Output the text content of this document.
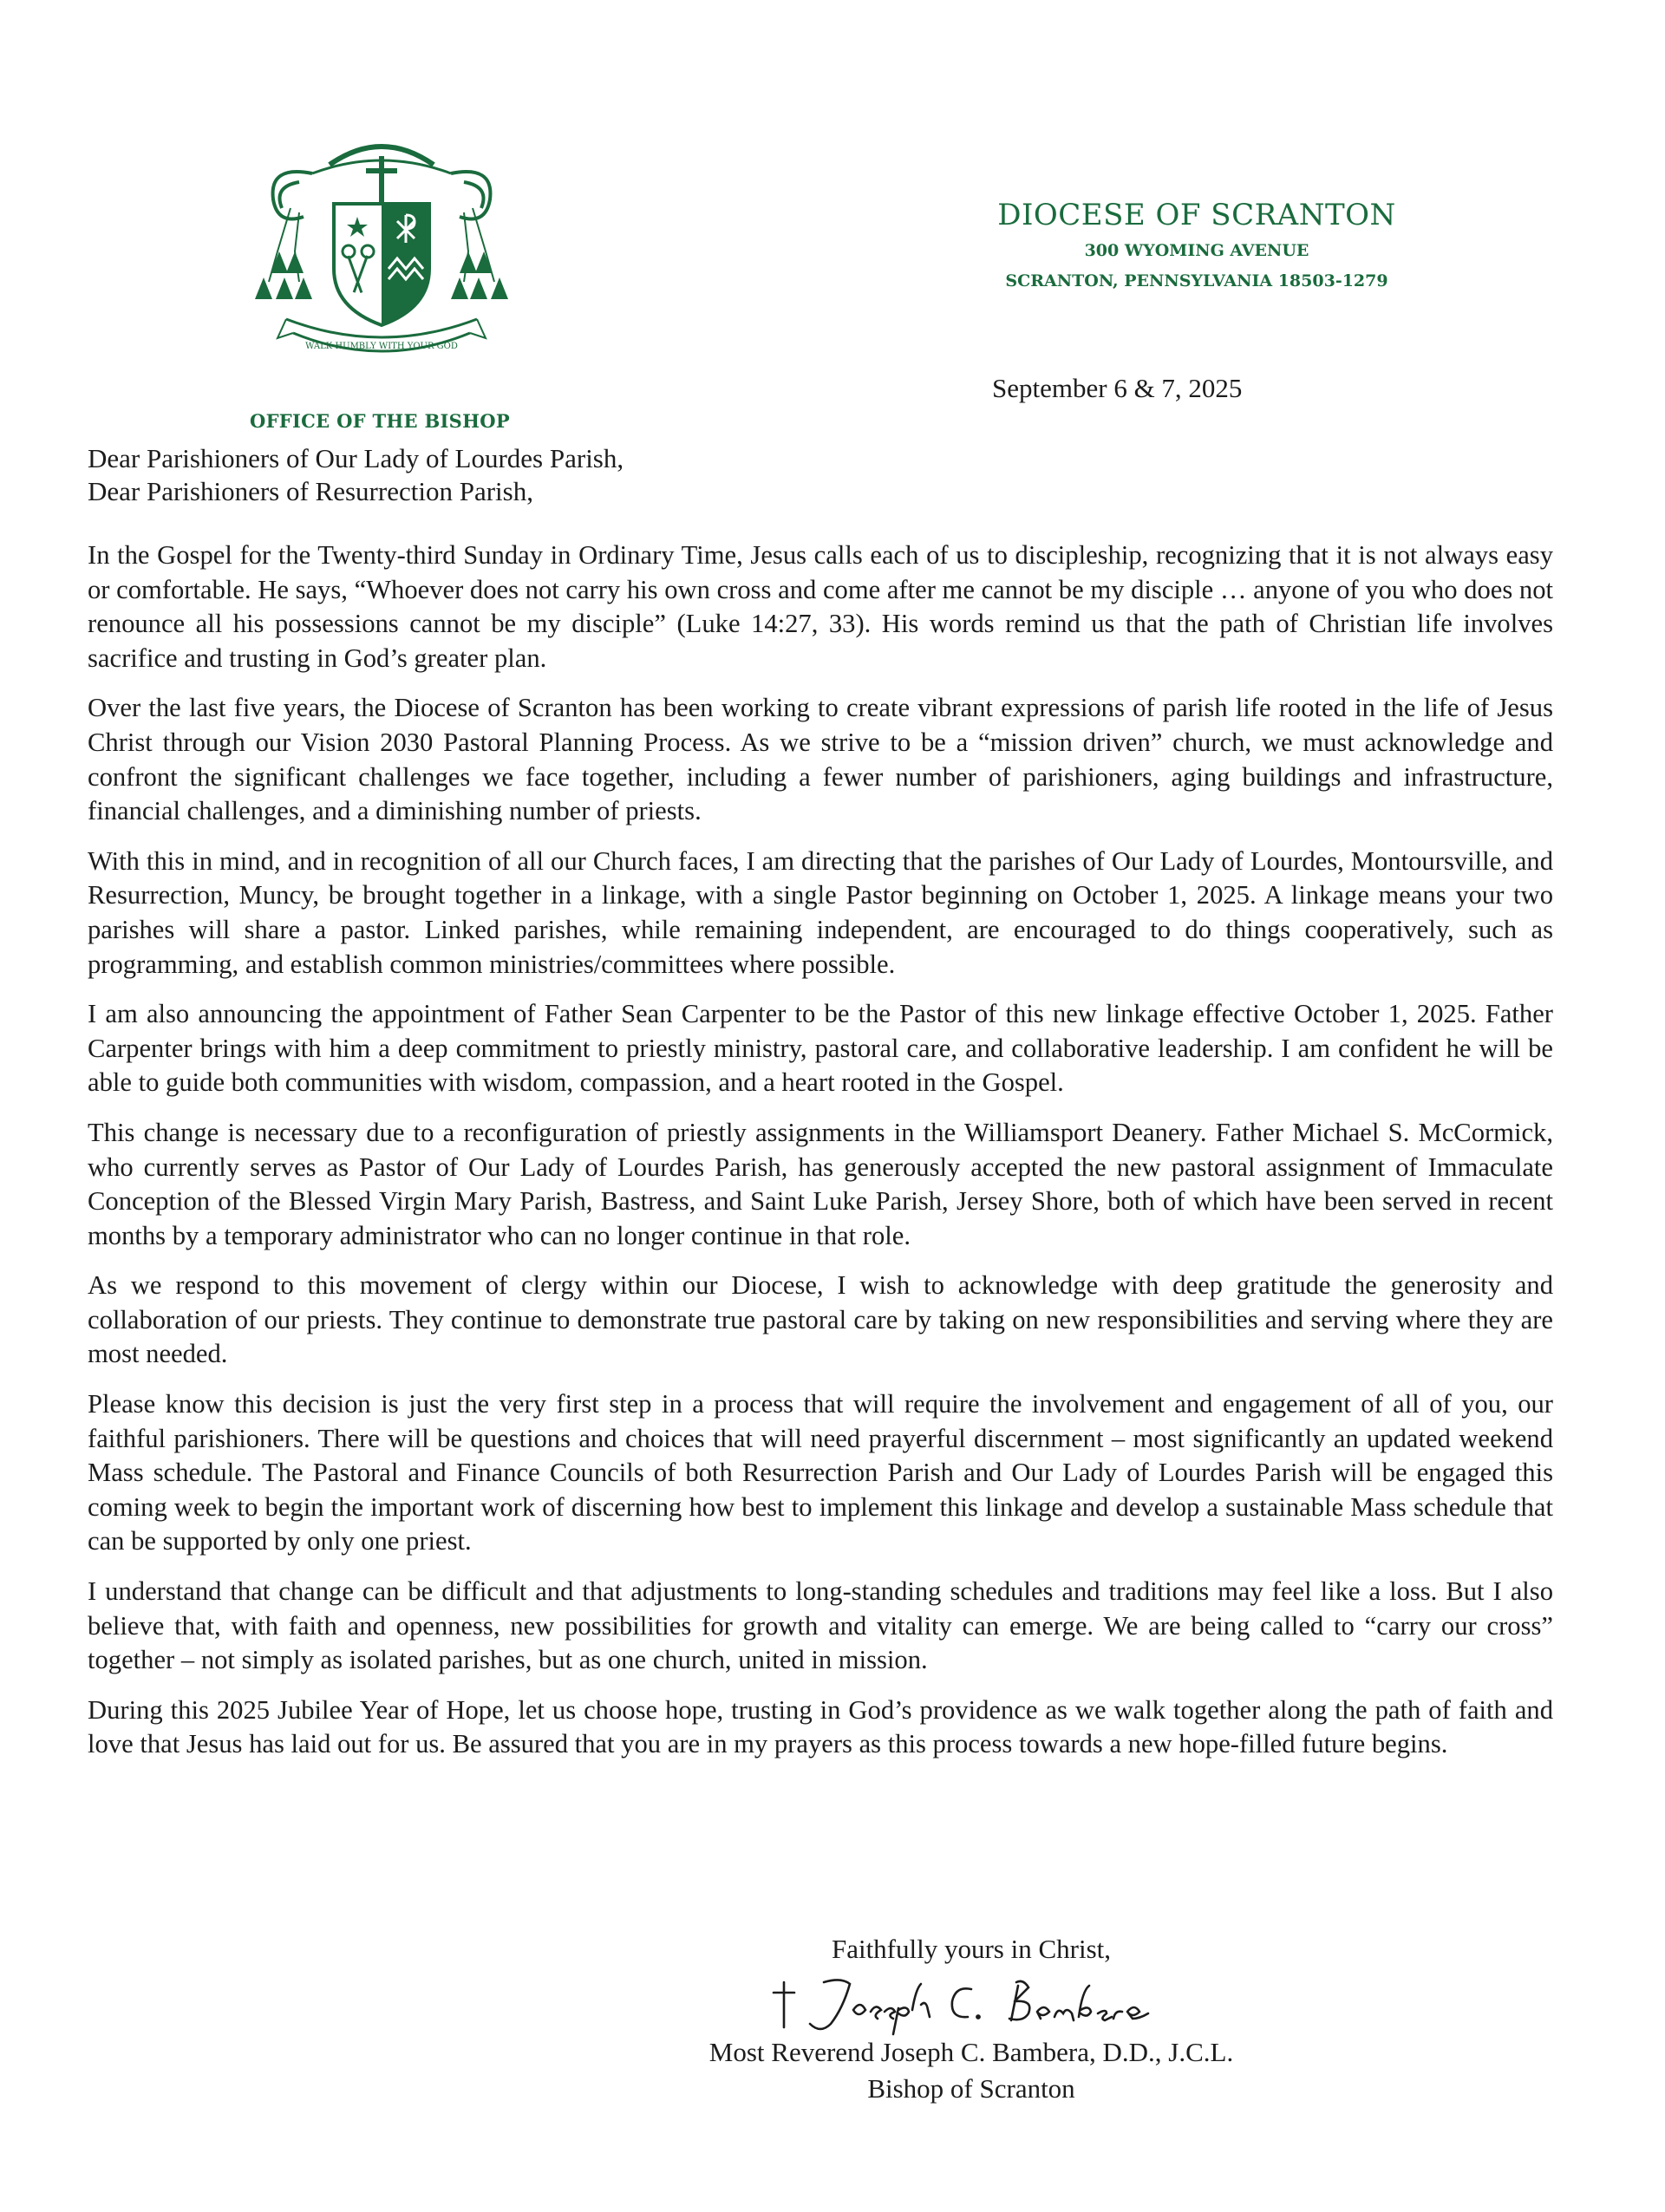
WALK HUMBLY WITH YOUR GOD
OFFICE OF THE BISHOP
DIOCESE OF SCRANTON
300 WYOMING AVENUE
SCRANTON, PENNSYLVANIA 18503-1279
September 6 & 7, 2025
Dear Parishioners of Our Lady of Lourdes Parish,
Dear Parishioners of Resurrection Parish,

In the Gospel for the Twenty-third Sunday in Ordinary Time, Jesus calls each of us to discipleship, recognizing that it is not always easy or comfortable. He says, “Whoever does not carry his own cross and come after me cannot be my disciple … anyone of you who does not renounce all his possessions cannot be my disciple” (Luke 14:27, 33). His words remind us that the path of Christian life involves sacrifice and trusting in God’s greater plan.

Over the last five years, the Diocese of Scranton has been working to create vibrant expressions of parish life rooted in the life of Jesus Christ through our Vision 2030 Pastoral Planning Process. As we strive to be a “mission driven” church, we must acknowledge and confront the significant challenges we face together, including a fewer number of parishioners, aging buildings and infrastructure, financial challenges, and a diminishing number of priests.

With this in mind, and in recognition of all our Church faces, I am directing that the parishes of Our Lady of Lourdes, Montoursville, and Resurrection, Muncy, be brought together in a linkage, with a single Pastor beginning on October 1, 2025. A linkage means your two parishes will share a pastor. Linked parishes, while remaining independent, are encouraged to do things cooperatively, such as programming, and establish common ministries/committees where possible.

I am also announcing the appointment of Father Sean Carpenter to be the Pastor of this new linkage effective October 1, 2025. Father Carpenter brings with him a deep commitment to priestly ministry, pastoral care, and collaborative leadership. I am confident he will be able to guide both communities with wisdom, compassion, and a heart rooted in the Gospel.

This change is necessary due to a reconfiguration of priestly assignments in the Williamsport Deanery. Father Michael S. McCormick, who currently serves as Pastor of Our Lady of Lourdes Parish, has generously accepted the new pastoral assignment of Immaculate Conception of the Blessed Virgin Mary Parish, Bastress, and Saint Luke Parish, Jersey Shore, both of which have been served in recent months by a temporary administrator who can no longer continue in that role.

As we respond to this movement of clergy within our Diocese, I wish to acknowledge with deep gratitude the generosity and collaboration of our priests. They continue to demonstrate true pastoral care by taking on new responsibilities and serving where they are most needed.

Please know this decision is just the very first step in a process that will require the involvement and engagement of all of you, our faithful parishioners. There will be questions and choices that will need prayerful discernment – most significantly an updated weekend Mass schedule. The Pastoral and Finance Councils of both Resurrection Parish and Our Lady of Lourdes Parish will be engaged this coming week to begin the important work of discerning how best to implement this linkage and develop a sustainable Mass schedule that can be supported by only one priest.

I understand that change can be difficult and that adjustments to long-standing schedules and traditions may feel like a loss. But I also believe that, with faith and openness, new possibilities for growth and vitality can emerge. We are being called to “carry our cross” together – not simply as isolated parishes, but as one church, united in mission.

During this 2025 Jubilee Year of Hope, let us choose hope, trusting in God’s providence as we walk together along the path of faith and love that Jesus has laid out for us. Be assured that you are in my prayers as this process towards a new hope-filled future begins.

Faithfully yours in Christ,
Most Reverend Joseph C. Bambera, D.D., J.C.L.
Bishop of Scranton
